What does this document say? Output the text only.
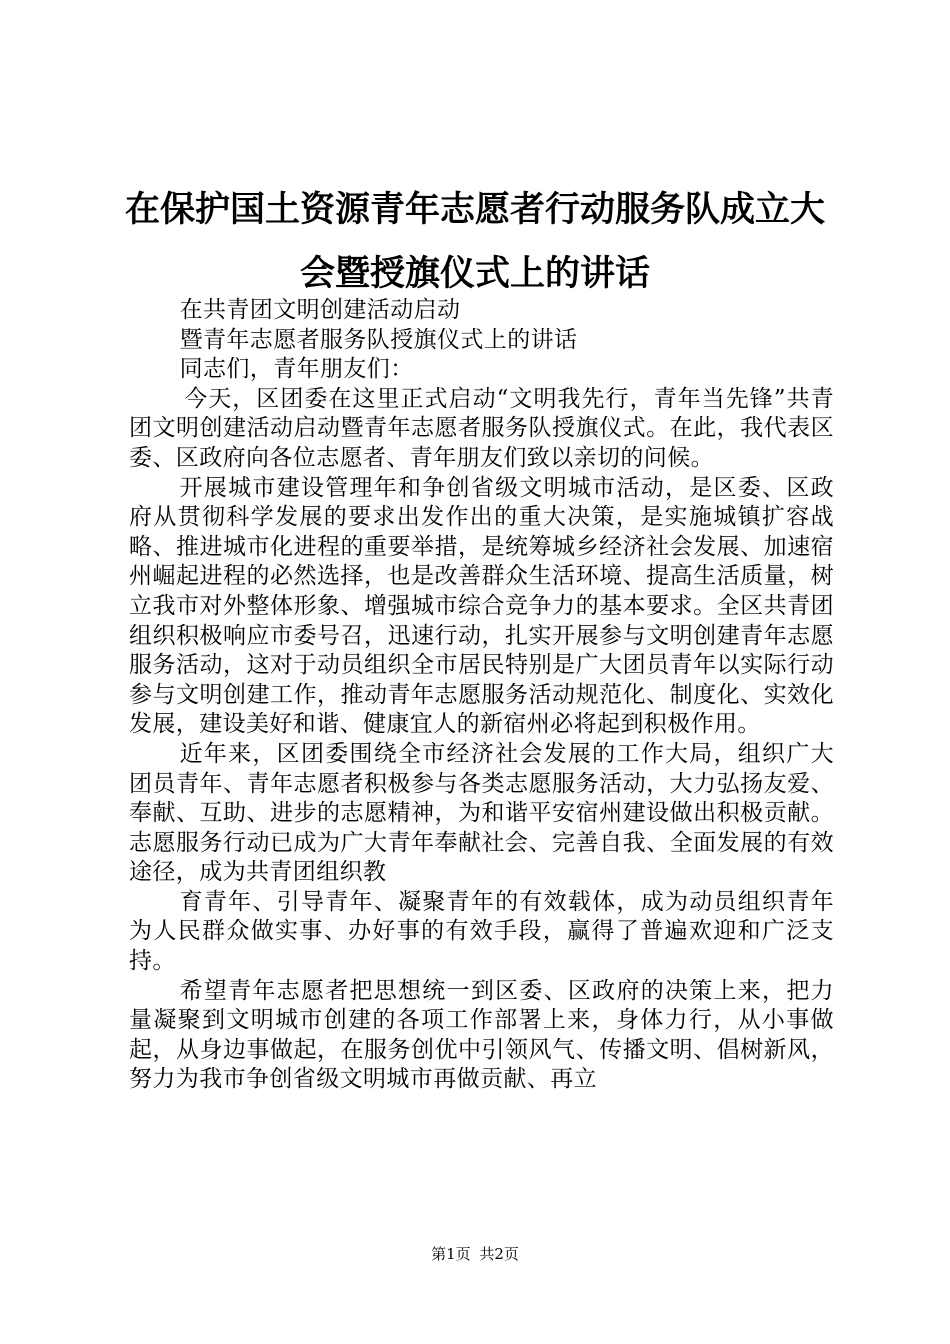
在保护国土资源青年志愿者行动服务队成立大
会暨授旗仪式上的讲话

在共青团文明创建活动启动

暨青年志愿者服务队授旗仪式上的讲话

同志们，青年朋友们：

今天，区团委在这里正式启动“文明我先行，青年当先锋”共青团文明创建活动启动暨青年志愿者服务队授旗仪式。在此，我代表区委、区政府向各位志愿者、青年朋友们致以亲切的问候。

开展城市建设管理年和争创省级文明城市活动，是区委、区政府从贯彻科学发展的要求出发作出的重大决策，是实施城镇扩容战略、推进城市化进程的重要举措，是统筹城乡经济社会发展、加速宿州崛起进程的必然选择，也是改善群众生活环境、提高生活质量，树立我市对外整体形象、增强城市综合竞争力的基本要求。全区共青团组织积极响应市委号召，迅速行动，扎实开展参与文明创建青年志愿服务活动，这对于动员组织全市居民特别是广大团员青年以实际行动参与文明创建工作，推动青年志愿服务活动规范化、制度化、实效化发展，建设美好和谐、健康宜人的新宿州必将起到积极作用。

近年来，区团委围绕全市经济社会发展的工作大局，组织广大团员青年、青年志愿者积极参与各类志愿服务活动，大力弘扬友爱、奉献、互助、进步的志愿精神，为和谐平安宿州建设做出积极贡献。志愿服务行动已成为广大青年奉献社会、完善自我、全面发展的有效途径，成为共青团组织教

育青年、引导青年、凝聚青年的有效载体，成为动员组织青年为人民群众做实事、办好事的有效手段，赢得了普遍欢迎和广泛支持。

希望青年志愿者把思想统一到区委、区政府的决策上来，把力量凝聚到文明城市创建的各项工作部署上来，身体力行，从小事做起，从身边事做起，在服务创优中引领风气、传播文明、倡树新风，努力为我市争创省级文明城市再做贡献、再立

第1页 共2页
